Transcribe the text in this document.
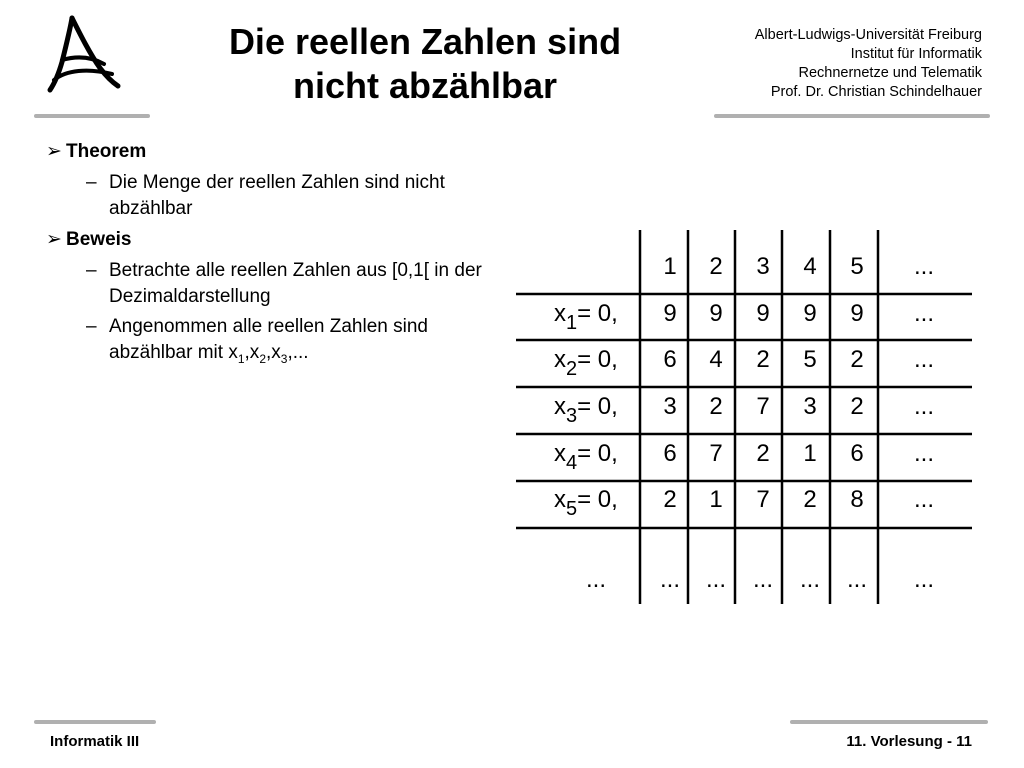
Die reellen Zahlen sind
nicht abzählbar
Albert-Ludwigs-Universität Freiburg
Institut für Informatik
Rechnernetze und Telematik
Prof. Dr. Christian Schindelhauer
➢ Theorem
– Die Menge der reellen Zahlen sind nicht abzählbar
➢ Beweis
– Betrachte alle reellen Zahlen aus [0,1[ in der Dezimaldarstellung
– Angenommen alle reellen Zahlen sind abzählbar mit $x_1,x_2,x_3$,...
1 2 3 4 5 ...
$x_1= 0$, 9 9 9 9 9 ...
$x_2= 0$, 6 4 2 5 2 ...
$x_3= 0$, 3 2 7 3 2 ...
$x_4= 0$, 6 7 2 1 6 ...
$x_5= 0$, 2 1 7 2 8 ...
... ... ... ... ... ... ...
Informatik III	11. Vorlesung - 11
